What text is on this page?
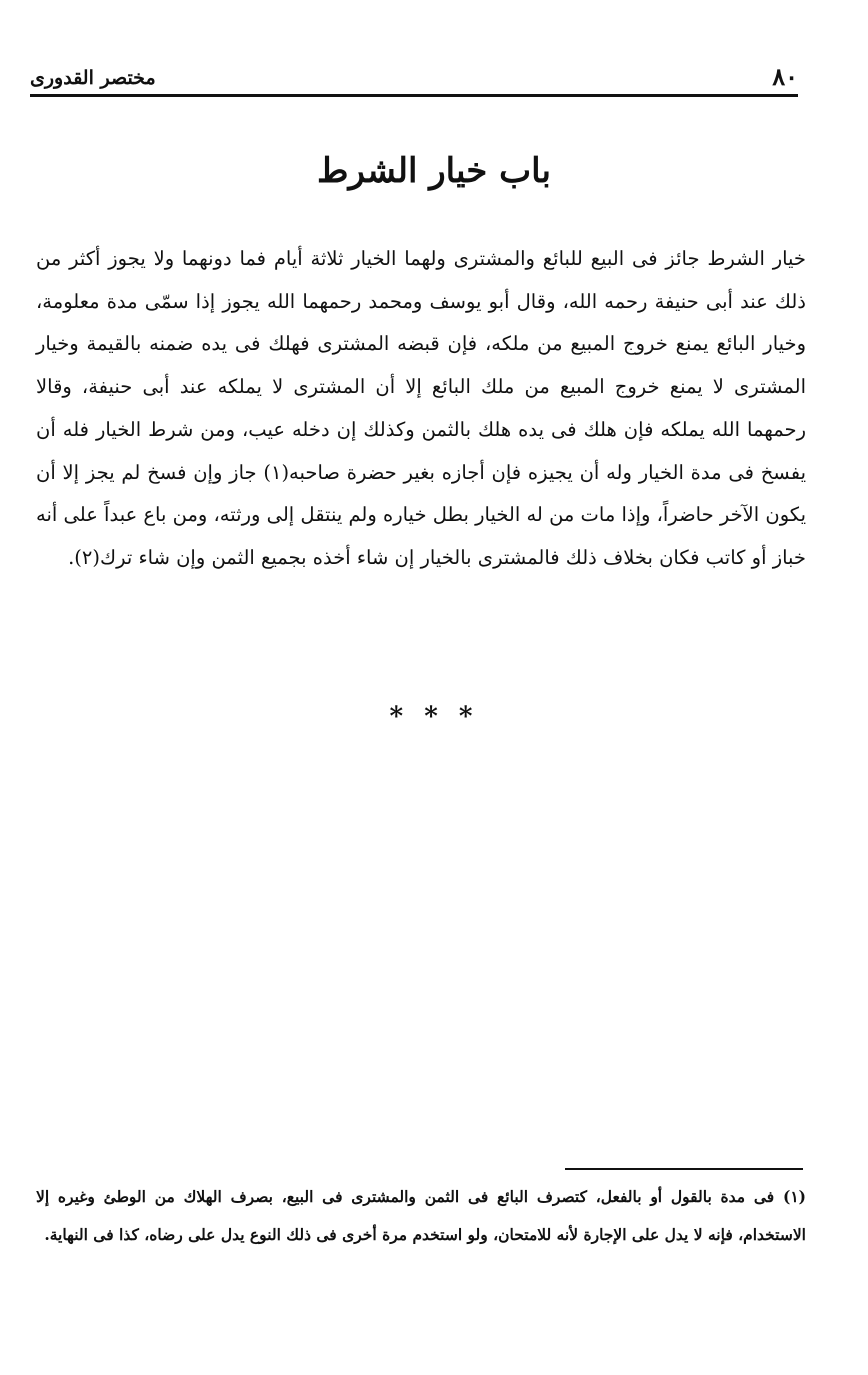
٨٠
مختصر القدورى
باب خيار الشرط

خيار الشرط جائز فى البيع للبائع والمشترى ولهما الخيار ثلاثة أيام فما دونهما ولا يجوز أكثر من ذلك عند أبى حنيفة رحمه الله، وقال أبو يوسف ومحمد رحمهما الله يجوز إذا سمّى مدة معلومة، وخيار البائع يمنع خروج المبيع من ملكه، فإن قبضه المشترى فهلك فى يده ضمنه بالقيمة وخيار المشترى لا يمنع خروج المبيع من ملك البائع إلا أن المشترى لا يملكه عند أبى حنيفة، وقالا رحمهما الله يملكه فإن هلك فى يده هلك بالثمن وكذلك إن دخله عيب، ومن شرط الخيار فله أن يفسخ فى مدة الخيار وله أن يجيزه فإن أجازه بغير حضرة صاحبه(١) جاز وإن فسخ لم يجز إلا أن يكون الآخر حاضراً، وإذا مات من له الخيار بطل خياره ولم ينتقل إلى ورثته، ومن باع عبداً على أنه خباز أو كاتب فكان بخلاف ذلك فالمشترى بالخيار إن شاء أخذه بجميع الثمن وإن شاء ترك(٢).

* * *

(١) فى مدة بالقول أو بالفعل، كتصرف البائع فى الثمن والمشترى فى البيع، بصرف الهلاك من الوطئ وغيره إلا الاستخدام، فإنه لا يدل على الإجارة لأنه للامتحان، ولو استخدم مرة أخرى فى ذلك النوع يدل على رضاه، كذا فى النهاية.
